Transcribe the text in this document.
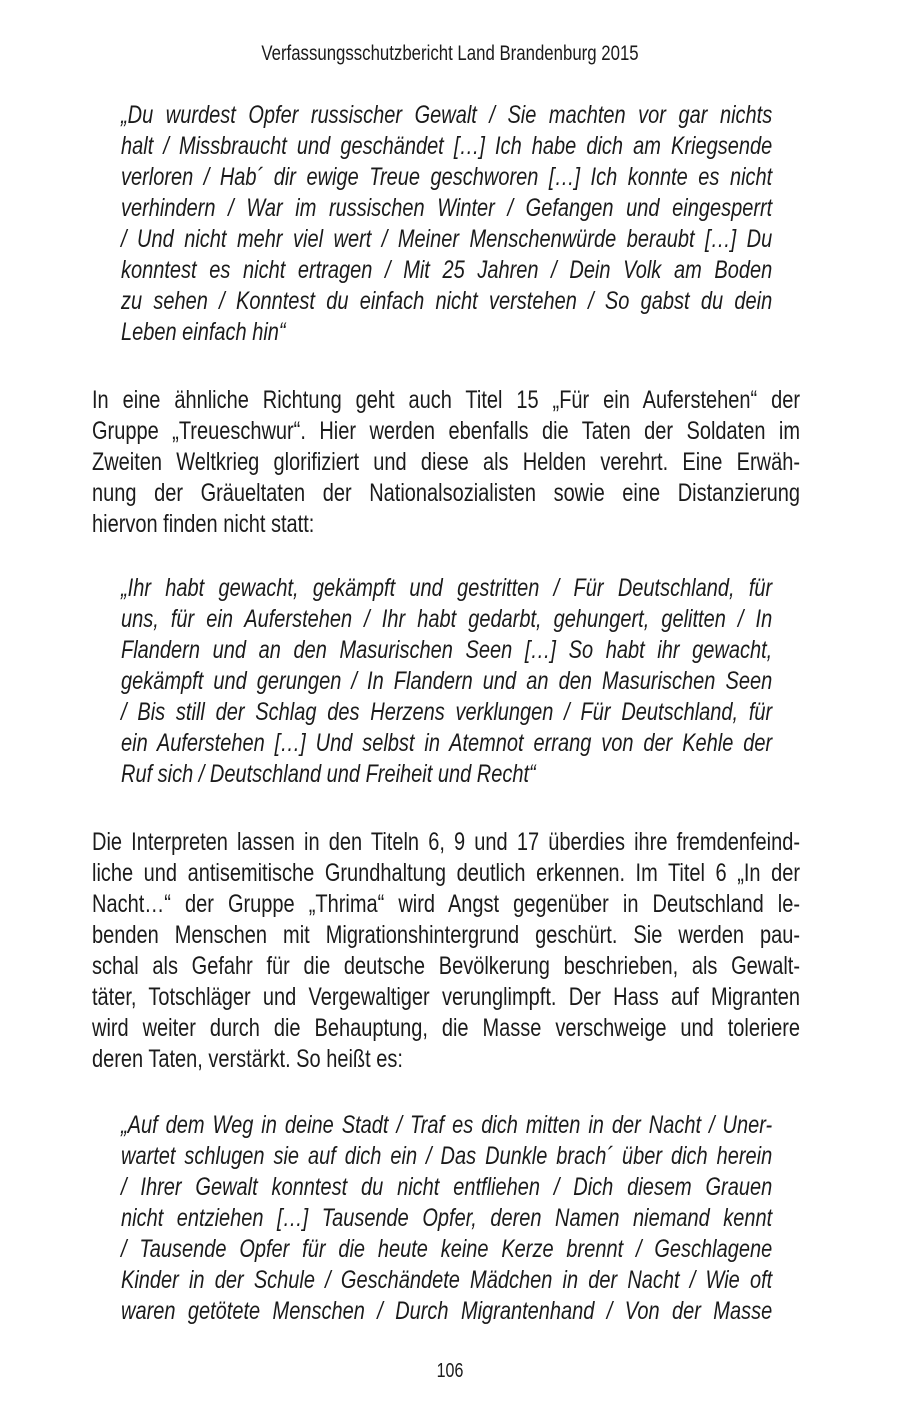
Verfassungsschutzbericht Land Brandenburg 2015
„Du wurdest Opfer russischer Gewalt / Sie machten vor gar nichts
halt / Missbraucht und geschändet […] Ich habe dich am Kriegsende
verloren / Hab´ dir ewige Treue geschworen […] Ich konnte es nicht
verhindern / War im russischen Winter / Gefangen und eingesperrt
/ Und nicht mehr viel wert / Meiner Menschenwürde beraubt […] Du
konntest es nicht ertragen / Mit 25 Jahren / Dein Volk am Boden
zu sehen / Konntest du einfach nicht verstehen / So gabst du dein
Leben einfach hin“
In eine ähnliche Richtung geht auch Titel 15 „Für ein Auferstehen“ der
Gruppe „Treueschwur“. Hier werden ebenfalls die Taten der Soldaten im
Zweiten Weltkrieg glorifiziert und diese als Helden verehrt. Eine Erwäh-
nung der Gräueltaten der Nationalsozialisten sowie eine Distanzierung
hiervon finden nicht statt:
„Ihr habt gewacht, gekämpft und gestritten / Für Deutschland, für
uns, für ein Auferstehen / Ihr habt gedarbt, gehungert, gelitten / In
Flandern und an den Masurischen Seen […] So habt ihr gewacht,
gekämpft und gerungen / In Flandern und an den Masurischen Seen
/ Bis still der Schlag des Herzens verklungen / Für Deutschland, für
ein Auferstehen […] Und selbst in Atemnot errang von der Kehle der
Ruf sich / Deutschland und Freiheit und Recht“
Die Interpreten lassen in den Titeln 6, 9 und 17 überdies ihre fremdenfeind-
liche und antisemitische Grundhaltung deutlich erkennen. Im Titel 6 „In der
Nacht…“ der Gruppe „Thrima“ wird Angst gegenüber in Deutschland le-
benden Menschen mit Migrationshintergrund geschürt. Sie werden pau-
schal als Gefahr für die deutsche Bevölkerung beschrieben, als Gewalt-
täter, Totschläger und Vergewaltiger verunglimpft. Der Hass auf Migranten
wird weiter durch die Behauptung, die Masse verschweige und toleriere
deren Taten, verstärkt. So heißt es:
„Auf dem Weg in deine Stadt / Traf es dich mitten in der Nacht / Uner-
wartet schlugen sie auf dich ein / Das Dunkle brach´ über dich herein
/ Ihrer Gewalt konntest du nicht entfliehen / Dich diesem Grauen
nicht entziehen […] Tausende Opfer, deren Namen niemand kennt
/ Tausende Opfer für die heute keine Kerze brennt / Geschlagene
Kinder in der Schule / Geschändete Mädchen in der Nacht / Wie oft
waren getötete Menschen / Durch Migrantenhand / Von der Masse
106
